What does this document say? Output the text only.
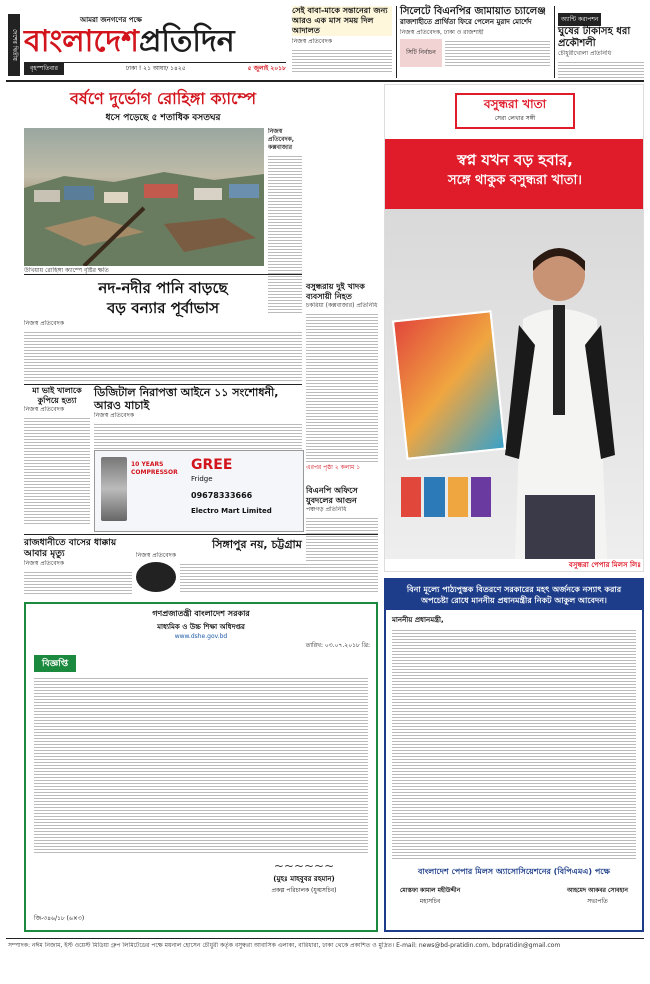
দেশের দ্বিতীয়
আমরা জনগণের পক্ষে
বাংলাদেশপ্রতিদিন
বৃহস্পতিবার	ঢাকা ! ২১ আষাঢ় ১৪২৫	৫ জুলাই ২০১৮
সেই বাবা-মাকে সন্তানেরা জন্য আরও এক মাস সময় দিল আদালত
নিজস্ব প্রতিবেদক
সিলেটে বিএনপির জামায়াত চ্যালেঞ্জ
রাজশাহীতে প্রার্থিতা ফিরে পেলেন মুরাদ মোর্শেদ
নিজস্ব প্রতিবেদক, ঢাকা ও রাজশাহী
সিটি নির্বাচন
অ্যান্টি করাপশন
ঘুষের টাকাসহ ধরা প্রকৌশলী
চৌধুরীখোলা প্রতিনিধি
বর্ষণে দুর্ভোগ রোহিঙ্গা ক্যাম্পে
ধসে পড়েছে ৫ শতাধিক বসতঘর
উখিয়ায় রোহিঙ্গা ক্যাম্পে বৃষ্টির ক্ষতি
নিজস্ব প্রতিবেদক, কক্সবাজার
নদ-নদীর পানি বাড়ছে
বড় বন্যার পূর্বাভাস
নিজস্ব প্রতিবেদক
বসুন্ধরায় দুই খাদক ব্যবসায়ী নিহত
চকরিয়া (কক্সবাজার) প্রতিনিধি
এরপর পৃষ্ঠা ২ কলাম ১
মা ভাই খালাকে কুপিয়ে হত্যা
নিজস্ব প্রতিবেদক
ডিজিটাল নিরাপত্তা আইনে ১১ সংশোধনী, আরও যাচাই
নিজস্ব প্রতিবেদক
বিএনপি অফিসে যুবদলের আগুন
পঞ্চগড় প্রতিনিধি
10 YEARS COMPRESSOR GREE
Fridge
09678333666
Electro Mart Limited
রাজধানীতে বাসের ধাক্কায় আবার মৃত্যু
নিজস্ব প্রতিবেদক
সিঙ্গাপুর নয়, চট্টগ্রাম
নিজস্ব প্রতিবেদক
গণপ্রজাতন্ত্রী বাংলাদেশ সরকার
মাধ্যমিক ও উচ্চ শিক্ষা অধিদপ্তর
www.dshe.gov.bd
তারিখ: ০৩.০৭.২০১৮ খ্রি:
বিজ্ঞপ্তি
~~~~~~
(মুহঃ মাহবুবর রহমান)
প্রকল্প পরিচালক (যুগ্মসচিব)
জি-৩৪৬/১৮ (৬×৩)
বসুন্ধরা খাতা
সেরা লেখার সঙ্গী
স্বপ্ন যখন বড় হবার,
সঙ্গে থাকুক বসুন্ধরা খাতা।
বসুন্ধরা পেপার মিলস লিঃ
বিনা মূল্যে পাঠ্যপুস্তক বিতরণে সরকারের মহৎ অর্জনকে নস্যাৎ করার অপচেষ্টা রোধে মাননীয় প্রধানমন্ত্রীর নিকট আকুল আবেদন।
মাননীয় প্রধানমন্ত্রী,
বাংলাদেশ পেপার মিলস অ্যাসোসিয়েশনের (বিপিএমএ) পক্ষে
মোস্তফা কামাল মহীউদ্দীন
মহাসচিব
আহমেদ আকবর সোবহান
সভাপতি
সম্পাদক: নঈম নিজাম, ইস্ট ওয়েস্ট মিডিয়া গ্রুপ লিমিটেডের পক্ষে ময়নাল হোসেন চৌধুরী কর্তৃক বসুন্ধরা আবাসিক এলাকা, বারিধারা, ঢাকা থেকে প্রকাশিত ও মুদ্রিত। E-mail: news@bd-pratidin.com, bdpratidin@gmail.com
